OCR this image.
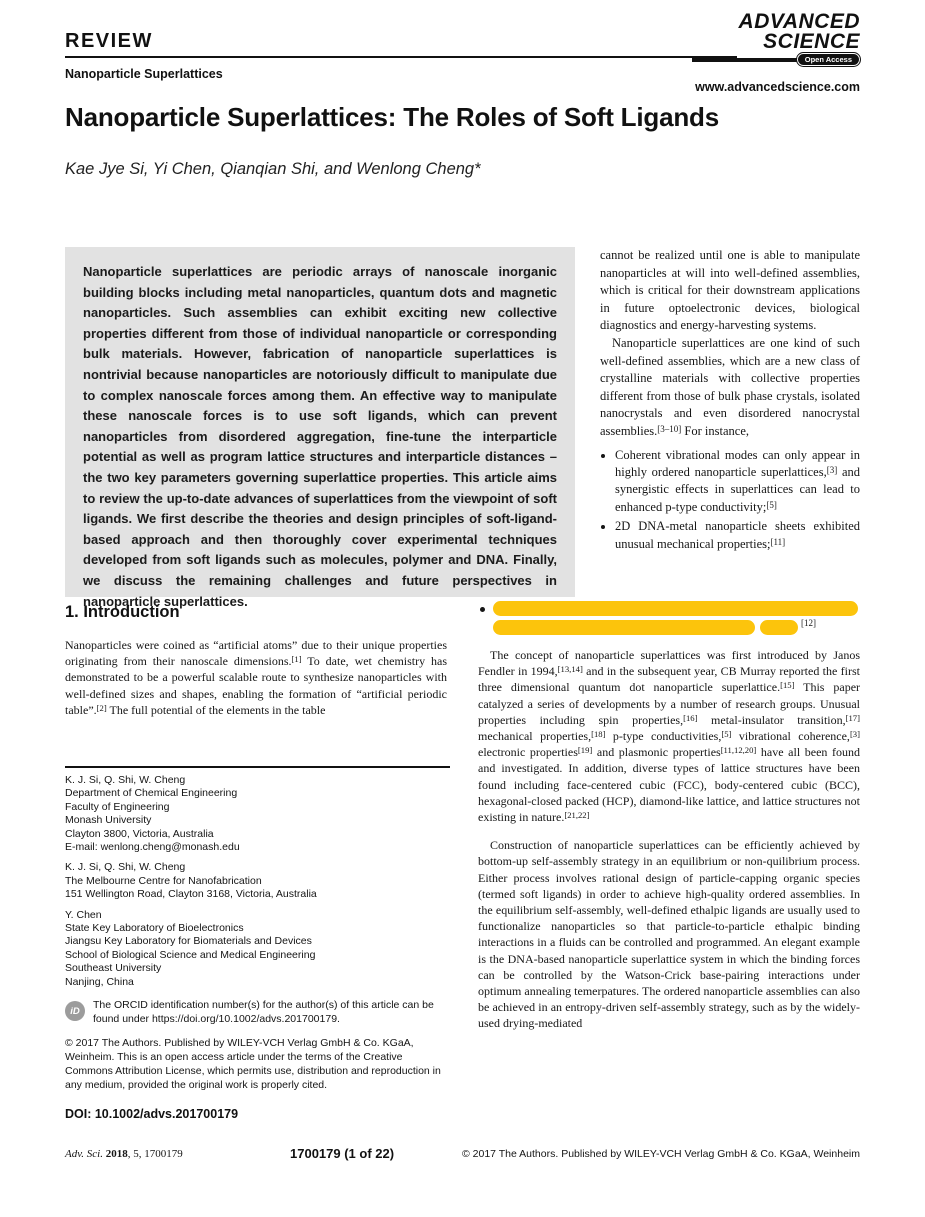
REVIEW
ADVANCED
SCIENCE
Open Access
Nanoparticle Superlattices
www.advancedscience.com
Nanoparticle Superlattices: The Roles of Soft Ligands
Kae Jye Si, Yi Chen, Qianqian Shi, and Wenlong Cheng*
Nanoparticle superlattices are periodic arrays of nanoscale inorganic building blocks including metal nanoparticles, quantum dots and magnetic nanoparticles. Such assemblies can exhibit exciting new collective properties different from those of individual nanoparticle or corresponding bulk materials. However, fabrication of nanoparticle superlattices is nontrivial because nanoparticles are notoriously difficult to manipulate due to complex nanoscale forces among them. An effective way to manipulate these nanoscale forces is to use soft ligands, which can prevent nanoparticles from disordered aggregation, fine-tune the interparticle potential as well as program lattice structures and interparticle distances – the two key parameters governing superlattice properties. This article aims to review the up-to-date advances of superlattices from the viewpoint of soft ligands. We first describe the theories and design principles of soft-ligand-based approach and then thoroughly cover experimental techniques developed from soft ligands such as molecules, polymer and DNA. Finally, we discuss the remaining challenges and future perspectives in nanoparticle superlattices.

cannot be realized until one is able to manipulate nanoparticles at will into well-defined assemblies, which is critical for their downstream applications in future optoelectronic devices, biological diagnostics and energy-harvesting systems.

Nanoparticle superlattices are one kind of such well-defined assemblies, which are a new class of crystalline materials with collective properties different from those of bulk phase crystals, isolated nanocrystals and even disordered nanocrystal assemblies.[3–10] For instance,

• Coherent vibrational modes can only appear in highly ordered nanoparticle superlattices,[3] and synergistic effects in superlattices can lead to enhanced p-type conductivity;[5]
• 2D DNA-metal nanoparticle sheets exhibited unusual mechanical properties;[11]
1. Introduction

Nanoparticles were coined as “artificial atoms” due to their unique properties originating from their nanoscale dimensions.[1] To date, wet chemistry has demonstrated to be a powerful scalable route to synthesize nanoparticles with well-defined sizes and shapes, enabling the formation of “artificial periodic table”.[2] The full potential of the elements in the table

[12]

The concept of nanoparticle superlattices was first introduced by Janos Fendler in 1994,[13,14] and in the subsequent year, CB Murray reported the first three dimensional quantum dot nanoparticle superlattice.[15] This paper catalyzed a series of developments by a number of research groups. Unusual properties including spin properties,[16] metal-insulator transition,[17] mechanical properties,[18] p-type conductivities,[5] vibrational coherence,[3] electronic properties[19] and plasmonic properties[11,12,20] have all been found and investigated. In addition, diverse types of lattice structures have been found including face-centered cubic (FCC), body-centered cubic (BCC), hexagonal-closed packed (HCP), diamond-like lattice, and lattice structures not existing in nature.[21,22]

Construction of nanoparticle superlattices can be efficiently achieved by bottom-up self-assembly strategy in an equilibrium or non-quilibrium process. Either process involves rational design of particle-capping organic species (termed soft ligands) in order to achieve high-quality ordered assemblies. In the equilibrium self-assembly, well-defined ethalpic ligands are usually used to functionalize nanoparticles so that particle-to-particle ethalpic binding interactions in a fluids can be controlled and programmed. An elegant example is the DNA-based nanoparticle superlattice system in which the binding forces can be controlled by the Watson-Crick base-pairing interactions under optimum annealing temerpatures. The ordered nanoparticle assemblies can also be achieved in an entropy-driven self-assembly strategy, such as by the widely-used drying-mediated

K. J. Si, Q. Shi, W. Cheng
Department of Chemical Engineering
Faculty of Engineering
Monash University
Clayton 3800, Victoria, Australia
E-mail: wenlong.cheng@monash.edu
K. J. Si, Q. Shi, W. Cheng
The Melbourne Centre for Nanofabrication
151 Wellington Road, Clayton 3168, Victoria, Australia
Y. Chen
State Key Laboratory of Bioelectronics
Jiangsu Key Laboratory for Biomaterials and Devices
School of Biological Science and Medical Engineering
Southeast University
Nanjing, China
iD	The ORCID identification number(s) for the author(s) of this article can be found under https://doi.org/10.1002/advs.201700179.
© 2017 The Authors. Published by WILEY-VCH Verlag GmbH & Co. KGaA, Weinheim. This is an open access article under the terms of the Creative Commons Attribution License, which permits use, distribution and reproduction in any medium, provided the original work is properly cited.
DOI: 10.1002/advs.201700179
Adv. Sci. 2018, 5, 1700179	1700179 (1 of 22)	© 2017 The Authors. Published by WILEY-VCH Verlag GmbH & Co. KGaA, Weinheim
